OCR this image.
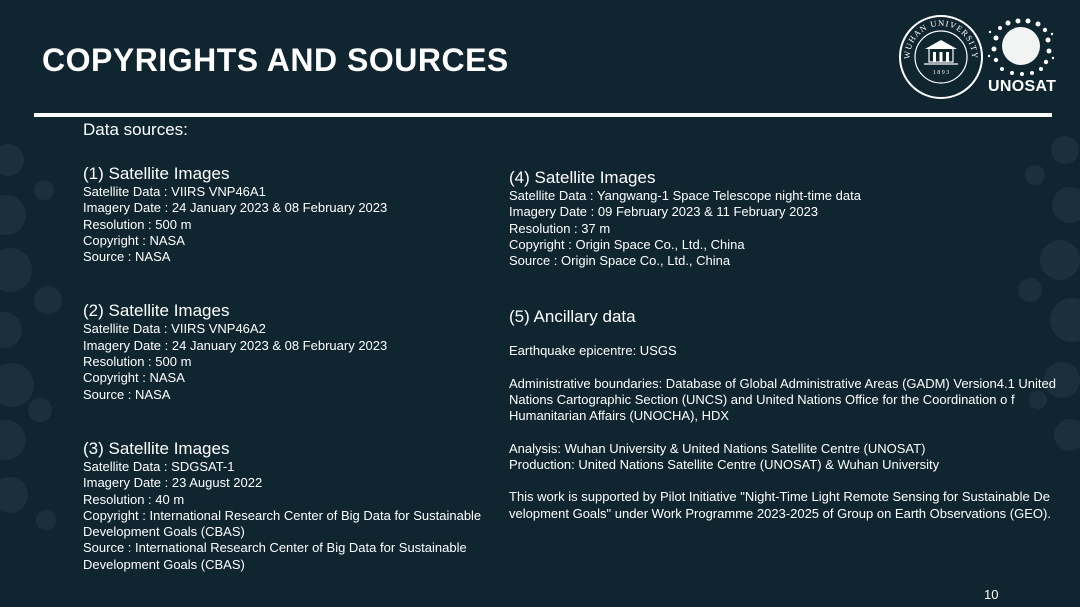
COPYRIGHTS AND SOURCES	WUHAN UNIVERSITY
1 8 9 3
UNOSAT
Data sources:
(1) Satellite Images
Satellite Data : VIIRS VNP46A1
Imagery Date : 24 January 2023 & 08 February 2023
Resolution : 500 m
Copyright : NASA
Source : NASA
(2) Satellite Images
Satellite Data : VIIRS VNP46A2
Imagery Date : 24 January 2023 & 08 February 2023
Resolution : 500 m
Copyright : NASA
Source : NASA
(3) Satellite Images
Satellite Data : SDGSAT-1
Imagery Date : 23 August 2022
Resolution : 40 m
Copyright : International Research Center of Big Data for Sustainable Development Goals (CBAS)
Source : International Research Center of Big Data for Sustainable Development Goals (CBAS)
(4) Satellite Images
Satellite Data : Yangwang-1 Space Telescope night-time data
Imagery Date : 09 February 2023 & 11 February 2023
Resolution : 37 m
Copyright : Origin Space Co., Ltd., China
Source : Origin Space Co., Ltd., China
(5) Ancillary data
Earthquake epicentre: USGS
Administrative boundaries: Database of Global Administrative Areas (GADM) Version4.1 United Nations Cartographic Section (UNCS) and United Nations Office for the Coordination o f Humanitarian Affairs (UNOCHA), HDX
Analysis: Wuhan University & United Nations Satellite Centre (UNOSAT)
Production: United Nations Satellite Centre (UNOSAT) & Wuhan University
This work is supported by Pilot Initiative "Night-Time Light Remote Sensing for Sustainable De velopment Goals" under Work Programme 2023-2025 of Group on Earth Observations (GEO).
10
